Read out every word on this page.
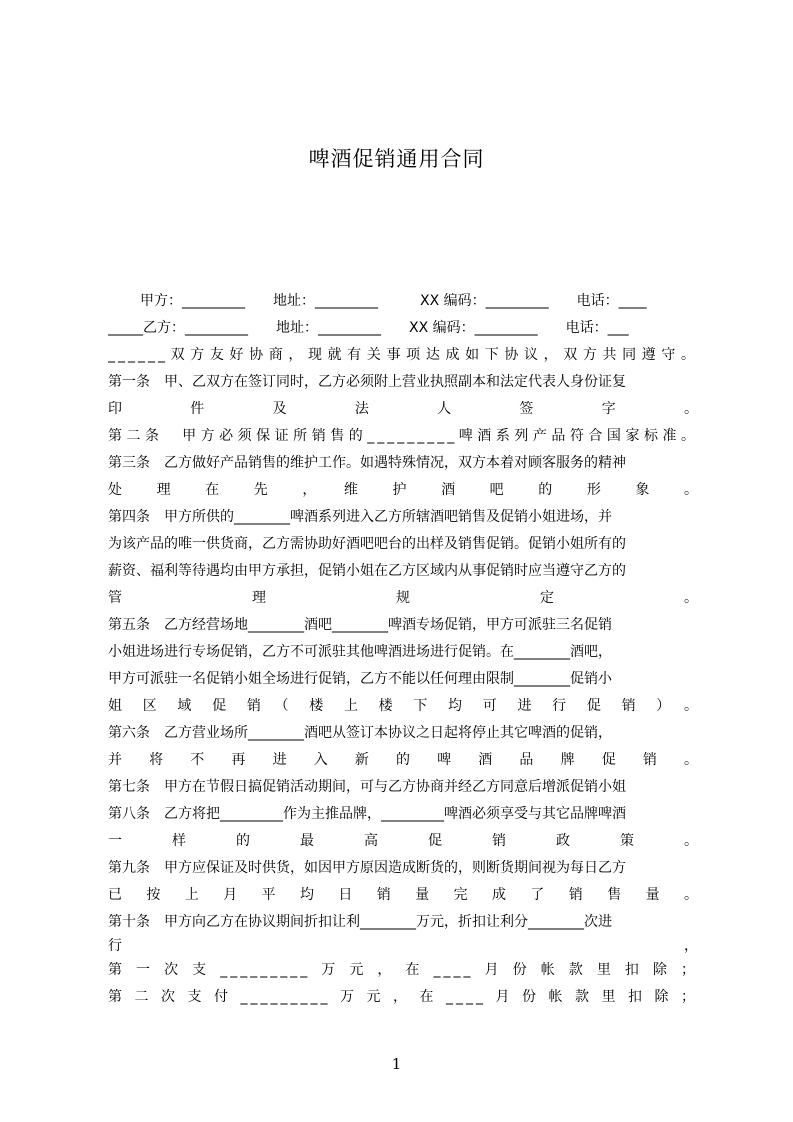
啤酒促销通用合同
甲方：_________　　地址：_________　　　XX 编码：_________　　电话：____
_____乙方：_________　　地址：_________　　XX 编码：_________　　电话：___
______双方友好协商，现就有关事项达成如下协议，双方共同遵守。
第一条　甲、乙双方在签订同时，乙方必须附上营业执照副本和法定代表人身份证复
印　件　及　法　人　签　字　。
第二条　甲方必须保证所销售的_________啤酒系列产品符合国家标准。
第三条　乙方做好产品销售的维护工作。如遇特殊情况，双方本着对顾客服务的精神
处　理　在　先　，　维　护　酒　吧　的　形　象　。
第四条　甲方所供的________啤酒系列进入乙方所辖酒吧销售及促销小姐进场，并
为该产品的唯一供货商，乙方需协助好酒吧吧台的出样及销售促销。促销小姐所有的
薪资、福利等待遇均由甲方承担，促销小姐在乙方区域内从事促销时应当遵守乙方的
管　理　规　定　。
第五条　乙方经营场地________酒吧________啤酒专场促销，甲方可派驻三名促销
小姐进场进行专场促销，乙方不可派驻其他啤酒进场进行促销。在________酒吧，
甲方可派驻一名促销小姐全场进行促销，乙方不能以任何理由限制________促销小
姐　区　域　促　销　（　楼　上　楼　下　均　可　进　行　促　销　）　。
第六条　乙方营业场所________酒吧从签订本协议之日起将停止其它啤酒的促销，
并　将　不　再　进　入　新　的　啤　酒　品　牌　促　销　。
第七条　甲方在节假日搞促销活动期间，可与乙方协商并经乙方同意后增派促销小姐
第八条　乙方将把_________作为主推品牌，_________啤酒必须享受与其它品牌啤酒
一　样　的　最　高　促　销　政　策　。
第九条　甲方应保证及时供货，如因甲方原因造成断货的，则断货期间视为每日乙方
已　按　上　月　平　均　日　销　量　完　成　了　销　售　量　。
第十条　甲方向乙方在协议期间折扣让利________万元，折扣让利分________次进
行　，
第一次支_________万元，在____月份帐款里扣除；
第二次支付_________万元，在____月份帐款里扣除；
1
